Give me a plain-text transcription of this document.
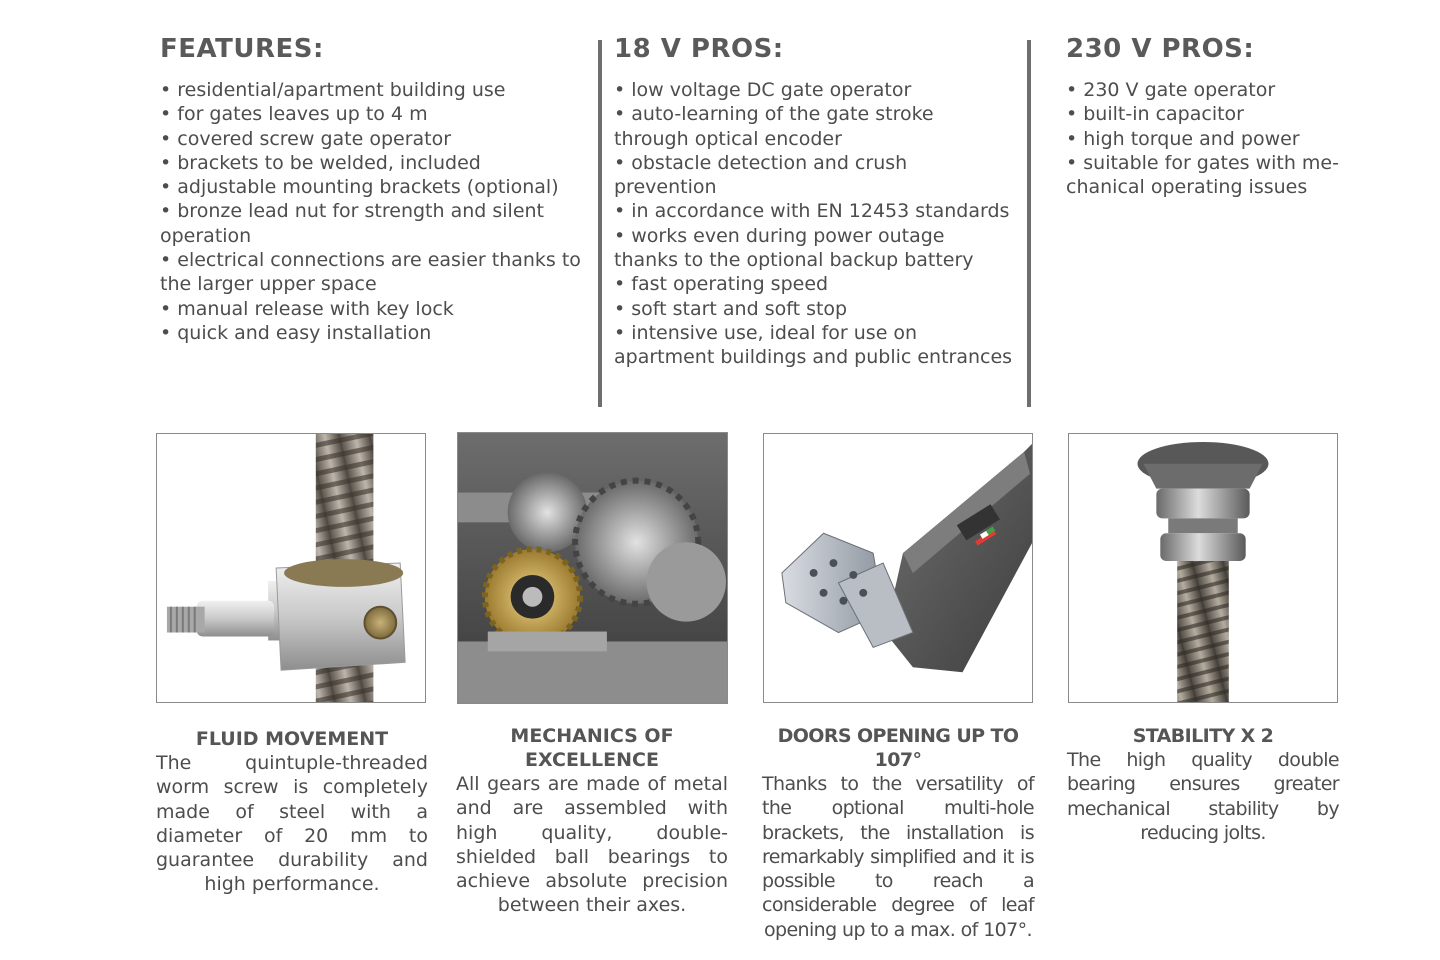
FEATURES:
• residential/apartment building use
• for gates leaves up to 4 m
• covered screw gate operator
• brackets to be welded, included
• adjustable mounting brackets (optional)
• bronze lead nut for strength and silent operation
• electrical connections are easier thanks to the larger upper space
• manual release with key lock
• quick and easy installation
18 V PROS:
• low voltage DC gate operator
• auto-learning of the gate stroke through optical encoder
• obstacle detection and crush prevention
• in accordance with EN 12453 standards
• works even during power outage thanks to the optional backup battery
• fast operating speed
• soft start and soft stop
• intensive use, ideal for use on apartment buildings and public entrances
230 V PROS:
• 230 V gate operator
• built-in capacitor
• high torque and power
• suitable for gates with me-chanical operating issues
FLUID MOVEMENT

The quintuple-threaded worm screw is completely made of steel with a diameter of 20 mm to guarantee durability and high performance.

MECHANICS OF EXCELLENCE

All gears are made of metal and are assembled with high quality, double-shielded ball bearings to achieve absolute precision between their axes.

DOORS OPENING UP TO 107°

Thanks to the versatility of the optional multi-hole brackets, the installation is remarkably simplified and it is possible to reach a considerable degree of leaf opening up to a max. of 107°.

STABILITY X 2

The high quality double bearing ensures greater mechanical stability by reducing jolts.
